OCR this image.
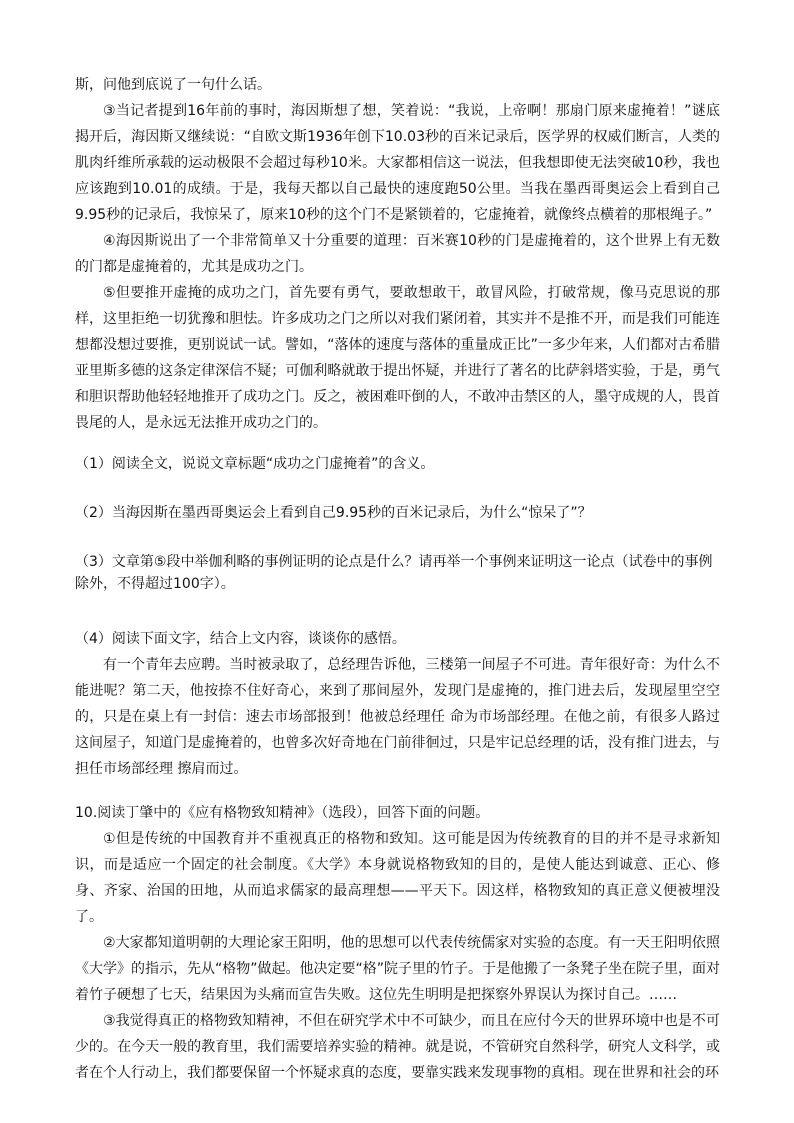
斯，问他到底说了一句什么话。

③当记者提到16年前的事时，海因斯想了想，笑着说：“我说，上帝啊！那扇门原来虚掩着！”谜底揭开后，海因斯又继续说：“自欧文斯1936年创下10.03秒的百米记录后，医学界的权威们断言，人类的肌肉纤维所承载的运动极限不会超过每秒10米。大家都相信这一说法，但我想即使无法突破10秒，我也应该跑到10.01的成绩。于是，我每天都以自己最快的速度跑50公里。当我在墨西哥奥运会上看到自己9.95秒的记录后，我惊呆了，原来10秒的这个门不是紧锁着的，它虚掩着，就像终点横着的那根绳子。”

④海因斯说出了一个非常简单又十分重要的道理：百米赛10秒的门是虚掩着的，这个世界上有无数的门都是虚掩着的，尤其是成功之门。

⑤但要推开虚掩的成功之门，首先要有勇气，要敢想敢干，敢冒风险，打破常规，像马克思说的那样，这里拒绝一切犹豫和胆怯。许多成功之门之所以对我们紧闭着，其实并不是推不开，而是我们可能连想都没想过要推，更别说试一试。譬如，“落体的速度与落体的重量成正比”一多少年来，人们都对古希腊亚里斯多德的这条定律深信不疑；可伽利略就敢于提出怀疑，并进行了著名的比萨斜塔实验，于是，勇气和胆识帮助他轻轻地推开了成功之门。反之，被困难吓倒的人，不敢冲击禁区的人，墨守成规的人，畏首畏尾的人，是永远无法推开成功之门的。

（1）阅读全文，说说文章标题“成功之门虚掩着”的含义。

（2）当海因斯在墨西哥奥运会上看到自己9.95秒的百米记录后，为什么“惊呆了”？

（3）文章第⑤段中举伽利略的事例证明的论点是什么？请再举一个事例来证明这一论点（试卷中的事例除外，不得超过100字）。

（4）阅读下面文字，结合上文内容，谈谈你的感悟。

有一个青年去应聘。当时被录取了，总经理告诉他，三楼第一间屋子不可进。青年很好奇：为什么不能进呢？第二天，他按捺不住好奇心，来到了那间屋外，发现门是虚掩的，推门进去后，发现屋里空空的，只是在桌上有一封信：速去市场部报到！他被总经理任 命为市场部经理。在他之前，有很多人路过这间屋子，知道门是虚掩着的，也曾多次好奇地在门前徘徊过，只是牢记总经理的话，没有推门进去，与担任市场部经理 擦肩而过。

10.阅读丁肇中的《应有格物致知精神》（选段），回答下面的问题。

①但是传统的中国教育并不重视真正的格物和致知。这可能是因为传统教育的目的并不是寻求新知识，而是适应一个固定的社会制度。《大学》本身就说格物致知的目的，是使人能达到诚意、正心、修身、齐家、治国的田地，从而追求儒家的最高理想——平天下。因这样，格物致知的真正意义便被埋没了。

②大家都知道明朝的大理论家王阳明，他的思想可以代表传统儒家对实验的态度。有一天王阳明依照《大学》的指示，先从“格物”做起。他决定要“格”院子里的竹子。于是他搬了一条凳子坐在院子里，面对着竹子硬想了七天，结果因为头痛而宣告失败。这位先生明明是把探察外界误认为探讨自己。……

③我觉得真正的格物致知精神，不但在研究学术中不可缺少，而且在应付今天的世界环境中也是不可少的。在今天一般的教育里，我们需要培养实验的精神。就是说，不管研究自然科学，研究人文科学，或者在个人行动上，我们都要保留一个怀疑求真的态度，要靠实践来发现事物的真相。现在世界和社会的环
